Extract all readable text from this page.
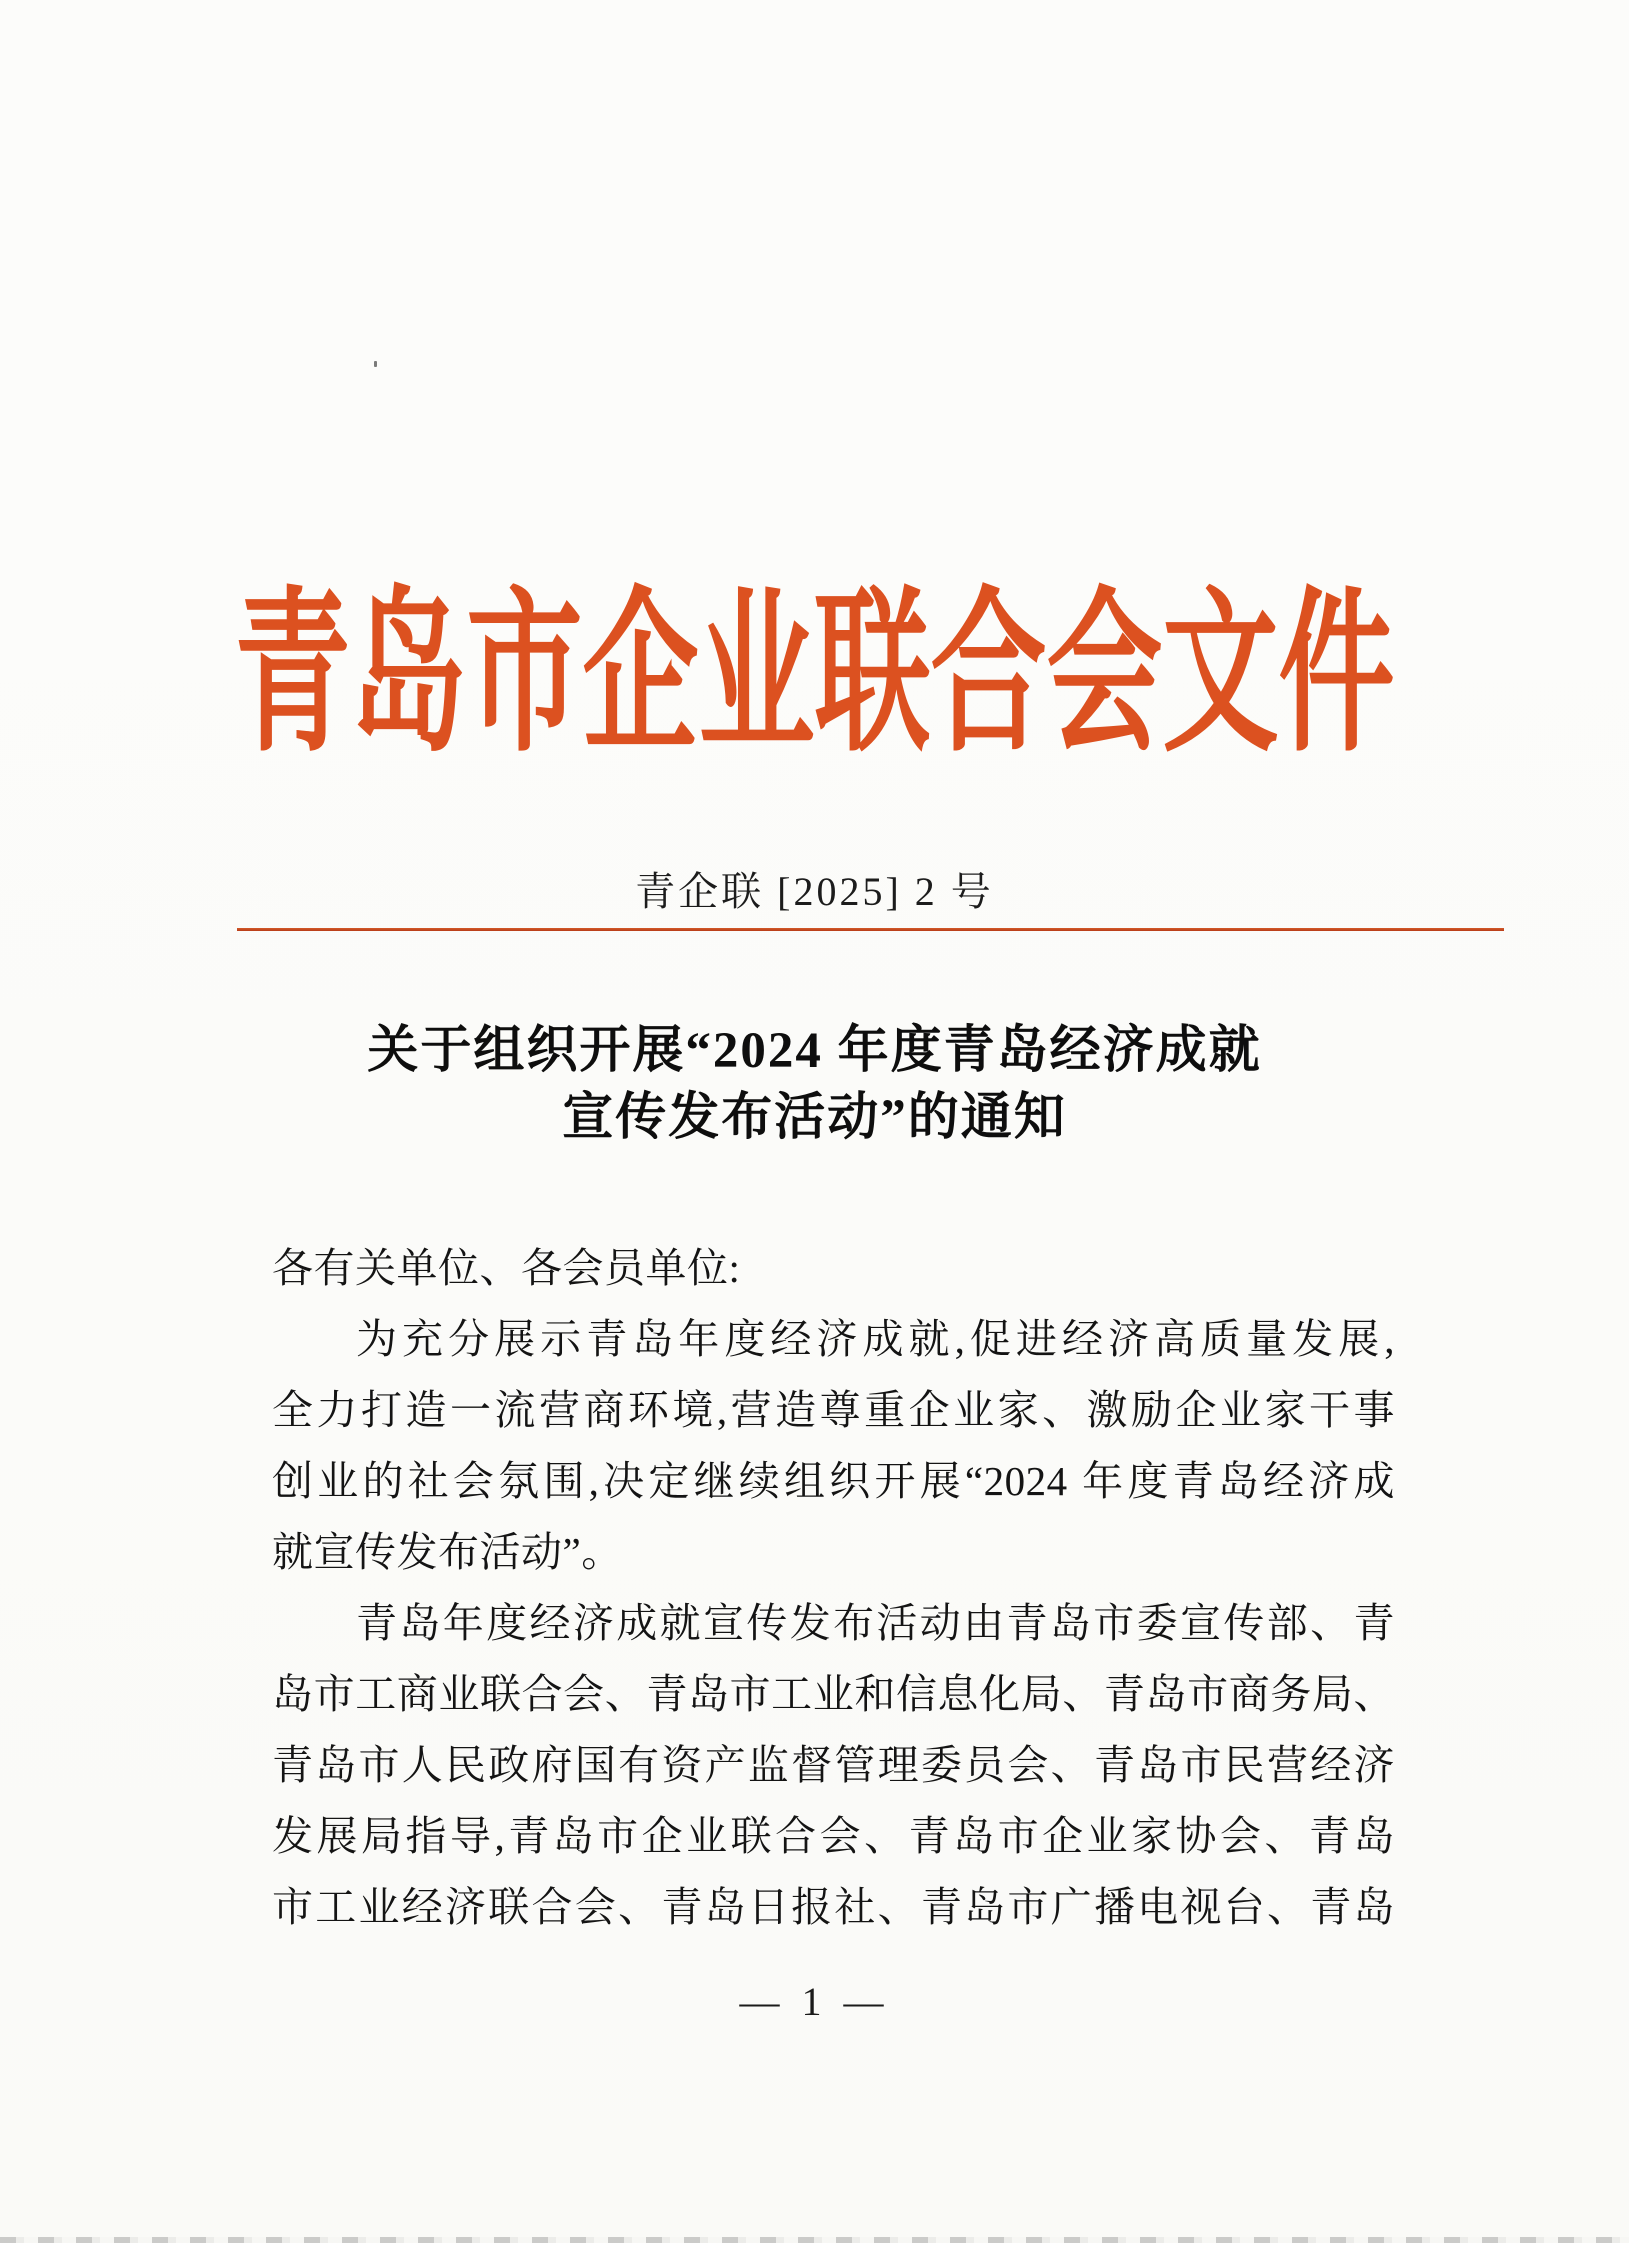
青岛市企业联合会文件
青企联 [2025] 2 号
关于组织开展“2024 年度青岛经济成就
宣传发布活动”的通知
各有关单位、各会员单位:
为充分展示青岛年度经济成就,促进经济高质量发展,
全力打造一流营商环境,营造尊重企业家、激励企业家干事
创业的社会氛围,决定继续组织开展“2024 年度青岛经济成
就宣传发布活动”。
青岛年度经济成就宣传发布活动由青岛市委宣传部、青
岛市工商业联合会、青岛市工业和信息化局、青岛市商务局、
青岛市人民政府国有资产监督管理委员会、青岛市民营经济
发展局指导,青岛市企业联合会、青岛市企业家协会、青岛
市工业经济联合会、青岛日报社、青岛市广播电视台、青岛
— 1 —
